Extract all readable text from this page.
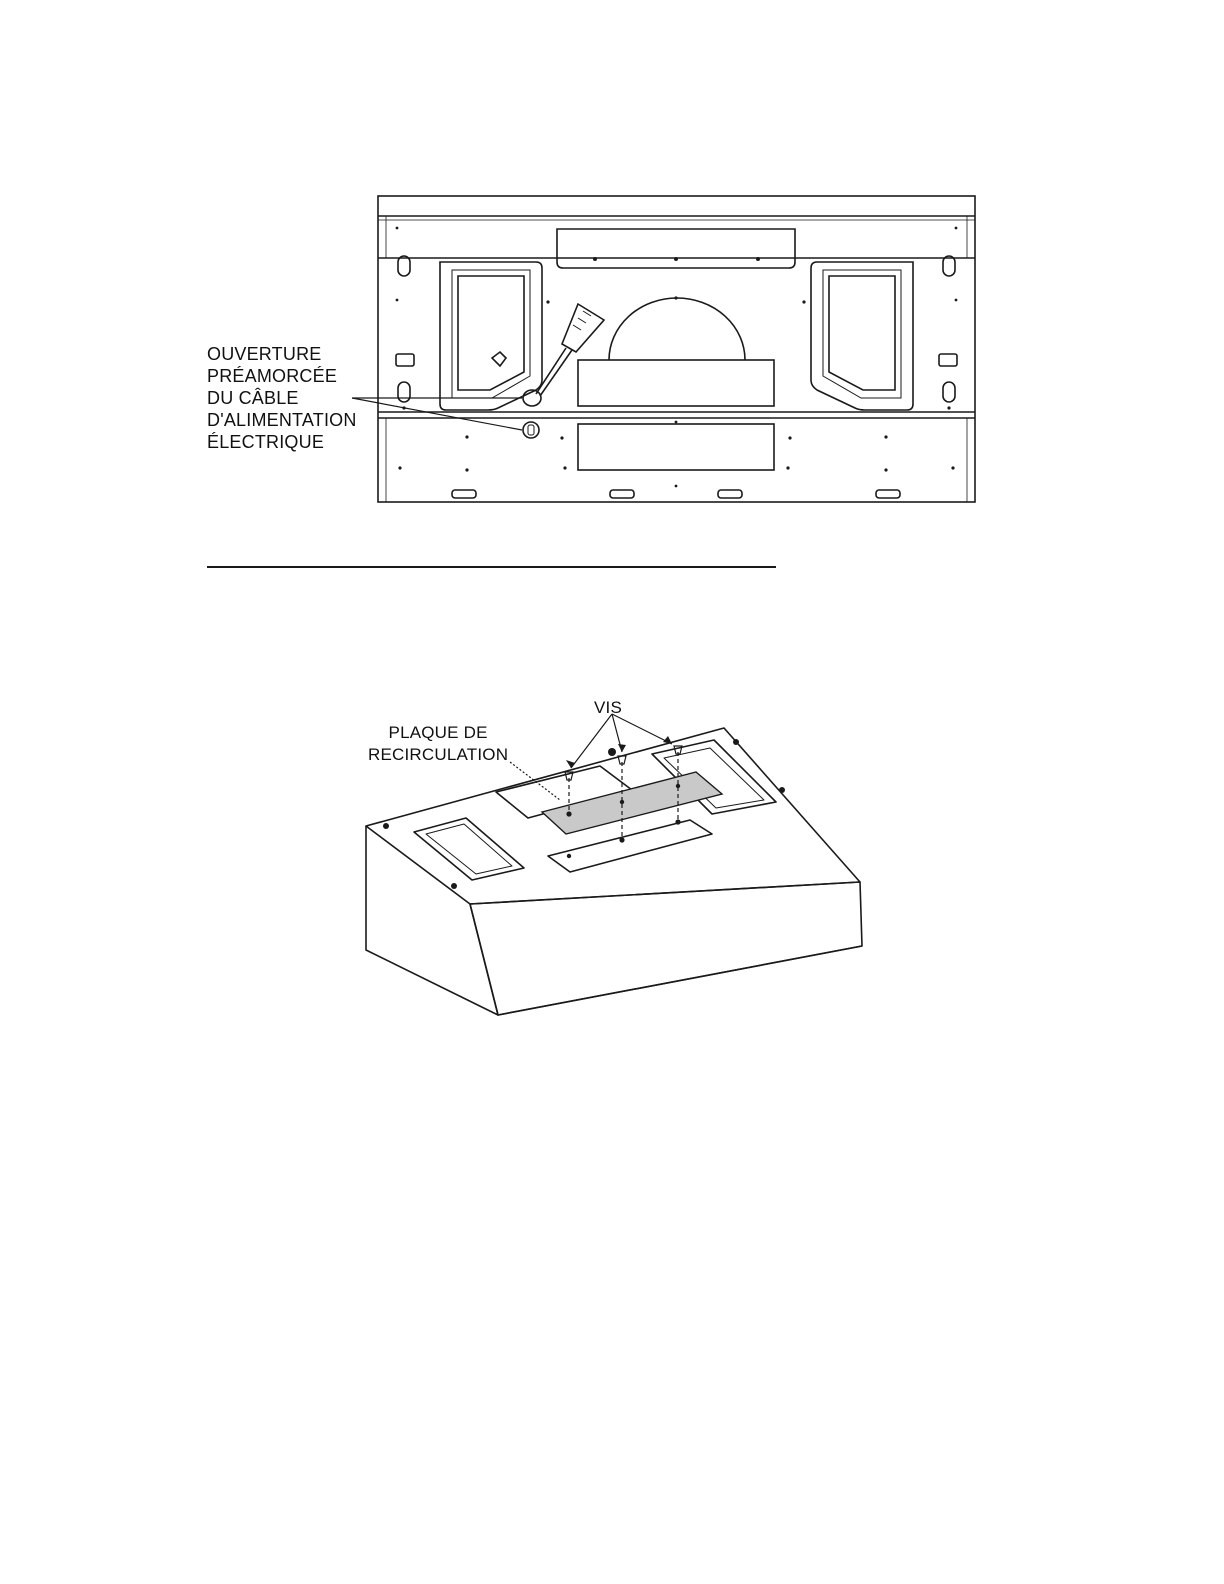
OUVERTURE
PRÉAMORCÉE
DU CÂBLE
D'ALIMENTATION
ÉLECTRIQUE
PLAQUE DE
RECIRCULATION
VIS
